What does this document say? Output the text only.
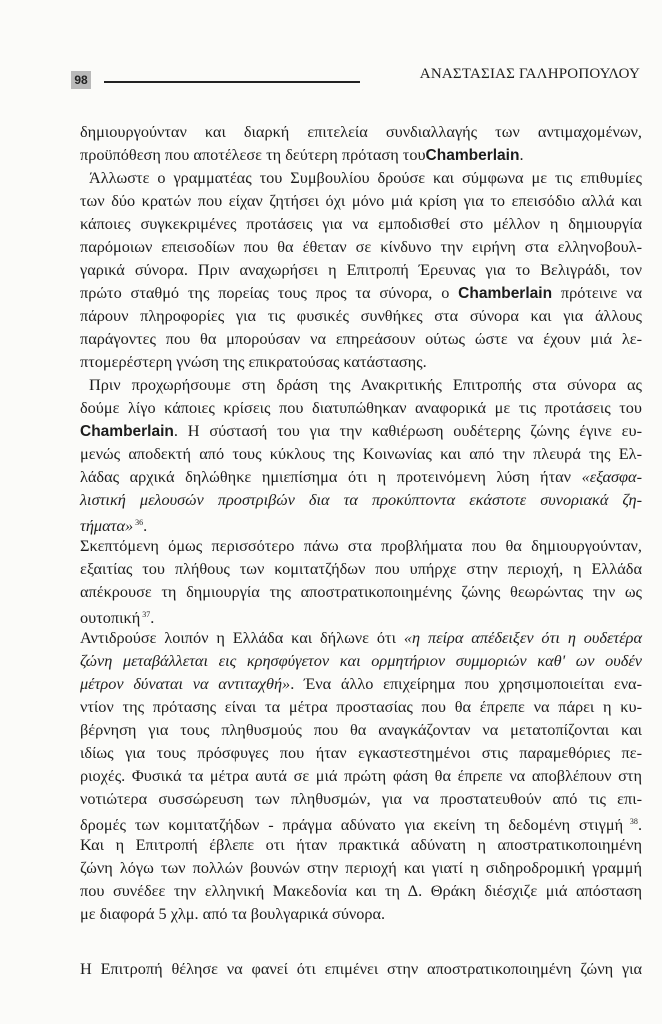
98	ΑΝΑΣΤΑΣΙΑΣ ΓΑΛΗΡΟΠΟΥΛΟΥ
δημιουργούνταν και διαρκή επιτελεία συνδιαλλαγής των αντιμαχομένων,
προϋπόθεση που αποτέλεσε τη δεύτερη πρόταση τουChamberlain.
Άλλωστε ο γραμματέας του Συμβουλίου δρούσε και σύμφωνα με τις επιθυμίες
των δύο κρατών που είχαν ζητήσει όχι μόνο μιά κρίση για το επεισόδιο αλλά και
κάποιες συγκεκριμένες προτάσεις για να εμποδισθεί στο μέλλον η δημιουργία
παρόμοιων επεισοδίων που θα έθεταν σε κίνδυνο την ειρήνη στα ελληνοβουλ-
γαρικά σύνορα. Πριν αναχωρήσει η Επιτροπή Έρευνας για το Βελιγράδι, τον
πρώτο σταθμό της πορείας τους προς τα σύνορα, ο Chamberlain πρότεινε να
πάρουν πληροφορίες για τις φυσικές συνθήκες στα σύνορα και για άλλους
παράγοντες που θα μπορούσαν να επηρεάσουν ούτως ώστε να έχουν μιά λε-
πτομερέστερη γνώση της επικρατούσας κατάστασης.
Πριν προχωρήσουμε στη δράση της Ανακριτικής Επιτροπής στα σύνορα ας
δούμε λίγο κάποιες κρίσεις που διατυπώθηκαν αναφορικά με τις προτάσεις του
Chamberlain. Η σύστασή του για την καθιέρωση ουδέτερης ζώνης έγινε ευ-
μενώς αποδεκτή από τους κύκλους της Κοινωνίας και από την πλευρά της Ελ-
λάδας αρχικά δηλώθηκε ημιεπίσημα ότι η προτεινόμενη λύση ήταν «εξασφα-
λιστική μελουσών προστριβών δια τα προκύπτοντα εκάστοτε συνοριακά ζη-
τήματα» $^{36}$.
Σκεπτόμενη όμως περισσότερο πάνω στα προβλήματα που θα δημιουργούνταν,
εξαιτίας του πλήθους των κομιτατζήδων που υπήρχε στην περιοχή, η Ελλάδα
απέκρουσε τη δημιουργία της αποστρατικοποιημένης ζώνης θεωρώντας την ως
ουτοπική $^{37}$.
Αντιδρούσε λοιπόν η Ελλάδα και δήλωνε ότι «η πείρα απέδειξεν ότι η ουδετέρα
ζώνη μεταβάλλεται εις κρησφύγετον και ορμητήριον συμμοριών καθ' ων ουδέν
μέτρον δύναται να αντιταχθή». Ένα άλλο επιχείρημα που χρησιμοποιείται ενα-
ντίον της πρότασης είναι τα μέτρα προστασίας που θα έπρεπε να πάρει η κυ-
βέρνηση για τους πληθυσμούς που θα αναγκάζονταν να μετατοπίζονται και
ιδίως για τους πρόσφυγες που ήταν εγκαστεστημένοι στις παραμεθόριες πε-
ριοχές. Φυσικά τα μέτρα αυτά σε μιά πρώτη φάση θα έπρεπε να αποβλέπουν στη
νοτιώτερα συσσώρευση των πληθυσμών, για να προστατευθούν από τις επι-
δρομές των κομιτατζήδων - πράγμα αδύνατο για εκείνη τη δεδομένη στιγμή $^{38}$.
Και η Επιτροπή έβλεπε οτι ήταν πρακτικά αδύνατη η αποστρατικοποιημένη
ζώνη λόγω των πολλών βουνών στην περιοχή και γιατί η σιδηροδρομική γραμμή
που συνέδεε την ελληνική Μακεδονία και τη Δ. Θράκη διέσχιζε μιά απόσταση
με διαφορά 5 χλμ. από τα βουλγαρικά σύνορα.
Η Επιτροπή θέλησε να φανεί ότι επιμένει στην αποστρατικοποιημένη ζώνη για
